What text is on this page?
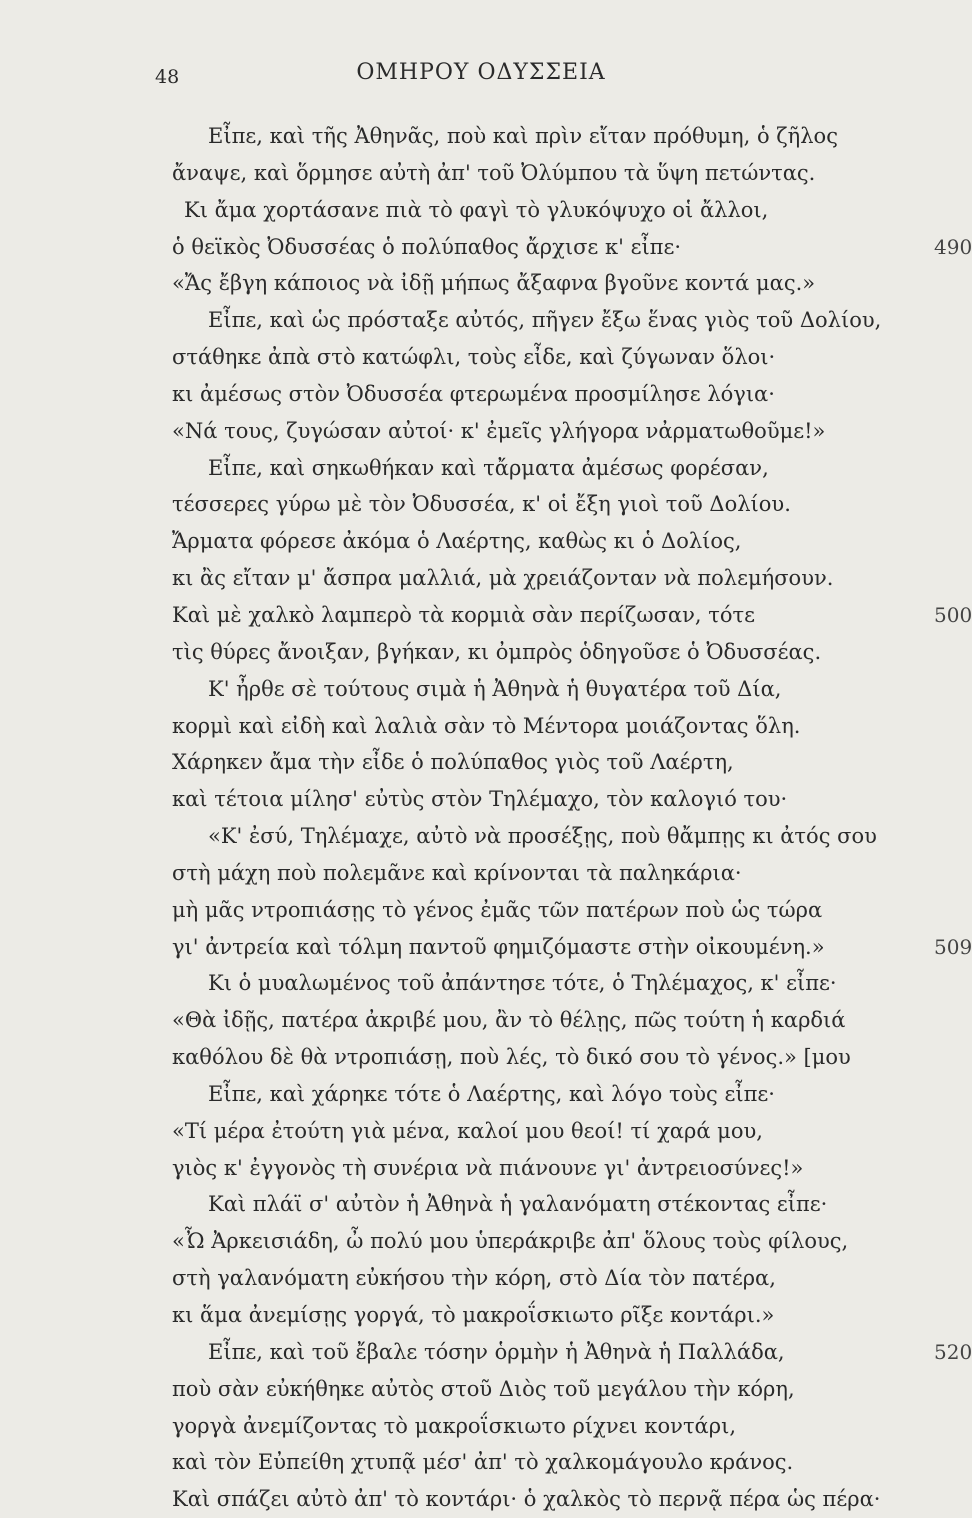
48	ΟΜΗΡΟΥ ΟΔΥΣΣΕΙΑ
Εἶπε, καὶ τῆς Ἀθηνᾶς, ποὺ καὶ πρὶν εἴταν πρόθυμη, ὁ ζῆλος
ἄναψε, καὶ ὅρμησε αὐτὴ ἀπ' τοῦ Ὀλύμπου τὰ ὕψη πετώντας.
Κι ἄμα χορτάσανε πιὰ τὸ φαγὶ τὸ γλυκόψυχο οἱ ἄλλοι,
ὁ θεϊκὸς Ὀδυσσέας ὁ πολύπαθος ἄρχισε κ' εἶπε·	490
«Ἄς ἔβγη κάποιος νὰ ἰδῇ μήπως ἄξαφνα βγοῦνε κοντά μας.»
Εἶπε, καὶ ὡς πρόσταξε αὐτός, πῆγεν ἔξω ἕνας γιὸς τοῦ Δολίου,
στάθηκε ἀπὰ στὸ κατώφλι, τοὺς εἶδε, καὶ ζύγωναν ὅλοι·
κι ἀμέσως στὸν Ὀδυσσέα φτερωμένα προσμίλησε λόγια·
«Νά τους, ζυγώσαν αὐτοί· κ' ἐμεῖς γλήγορα νἀρματωθοῦμε!»
Εἶπε, καὶ σηκωθήκαν καὶ τἄρματα ἀμέσως φορέσαν,
τέσσερες γύρω μὲ τὸν Ὀδυσσέα, κ' οἱ ἔξη γιοὶ τοῦ Δολίου.
Ἄρματα φόρεσε ἀκόμα ὁ Λαέρτης, καθὼς κι ὁ Δολίος,
κι ἂς εἴταν μ' ἄσπρα μαλλιά, μὰ χρειάζονταν νὰ πολεμήσουν.
Καὶ μὲ χαλκὸ λαμπερὸ τὰ κορμιὰ σὰν περίζωσαν, τότε	500
τὶς θύρες ἄνοιξαν, βγήκαν, κι ὀμπρὸς ὁδηγοῦσε ὁ Ὀδυσσέας.
Κ' ἦρθε σὲ τούτους σιμὰ ἡ Ἀθηνὰ ἡ θυγατέρα τοῦ Δία,
κορμὶ καὶ εἰδὴ καὶ λαλιὰ σὰν τὸ Μέντορα μοιάζοντας ὅλη.
Χάρηκεν ἄμα τὴν εἶδε ὁ πολύπαθος γιὸς τοῦ Λαέρτη,
καὶ τέτοια μίλησ' εὐτὺς στὸν Τηλέμαχο, τὸν καλογιό του·
«Κ' ἐσύ, Τηλέμαχε, αὐτὸ νὰ προσέξῃς, ποὺ θἄμπῃς κι ἀτός σου
στὴ μάχη ποὺ πολεμᾶνε καὶ κρίνονται τὰ παληκάρια·
μὴ μᾶς ντροπιάσῃς τὸ γένος ἐμᾶς τῶν πατέρων ποὺ ὡς τώρα
γι' ἀντρεία καὶ τόλμη παντοῦ φημιζόμαστε στὴν οἰκουμένη.»	509
Κι ὁ μυαλωμένος τοῦ ἀπάντησε τότε, ὁ Τηλέμαχος, κ' εἶπε·
«Θὰ ἰδῇς, πατέρα ἀκριβέ μου, ἂν τὸ θέλῃς, πῶς τούτη ἡ καρδιά
καθόλου δὲ θὰ ντροπιάσῃ, ποὺ λές, τὸ δικό σου τὸ γένος.» [μου
Εἶπε, καὶ χάρηκε τότε ὁ Λαέρτης, καὶ λόγο τοὺς εἶπε·
«Τί μέρα ἐτούτη γιὰ μένα, καλοί μου θεοί! τί χαρά μου,
γιὸς κ' ἐγγονὸς τὴ συνέρια νὰ πιάνουνε γι' ἀντρειοσύνες!»
Καὶ πλάϊ σ' αὐτὸν ἡ Ἀθηνὰ ἡ γαλανόματη στέκοντας εἶπε·
«Ὦ Ἀρκεισιάδη, ὦ πολύ μου ὑπεράκριβε ἀπ' ὅλους τοὺς φίλους,
στὴ γαλανόματη εὐκήσου τὴν κόρη, στὸ Δία τὸν πατέρα,
κι ἅμα ἀνεμίσῃς γοργά, τὸ μακροΐσκιωτο ρῖξε κοντάρι.»
Εἶπε, καὶ τοῦ ἔβαλε τόσην ὁρμὴν ἡ Ἀθηνὰ ἡ Παλλάδα,	520
ποὺ σὰν εὐκήθηκε αὐτὸς στοῦ Διὸς τοῦ μεγάλου τὴν κόρη,
γοργὰ ἀνεμίζοντας τὸ μακροΐσκιωτο ρίχνει κοντάρι,
καὶ τὸν Εὐπείθη χτυπᾷ μέσ' ἀπ' τὸ χαλκομάγουλο κράνος.
Καὶ σπάζει αὐτὸ ἀπ' τὸ κοντάρι· ὁ χαλκὸς τὸ περνᾷ πέρα ὡς πέρα·
